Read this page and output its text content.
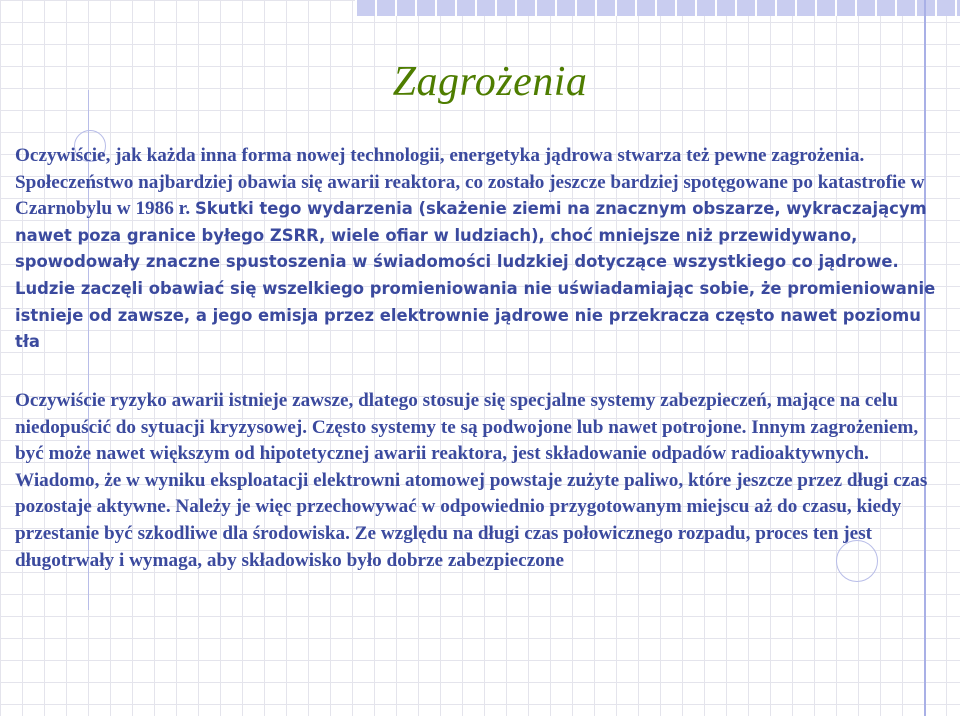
Zagrożenia

Oczywiście, jak każda inna forma nowej technologii, energetyka jądrowa stwarza też pewne zagrożenia. Społeczeństwo najbardziej obawia się awarii reaktora, co zostało jeszcze bardziej spotęgowane po katastrofie w Czarnobylu w 1986 r. Skutki tego wydarzenia (skażenie ziemi na znacznym obszarze, wykraczającym nawet poza granice byłego ZSRR, wiele ofiar w ludziach), choć mniejsze niż przewidywano, spowodowały znaczne spustoszenia w świadomości ludzkiej dotyczące wszystkiego co jądrowe. Ludzie zaczęli obawiać się wszelkiego promieniowania nie uświadamiając sobie, że promieniowanie istnieje od zawsze, a jego emisja przez elektrownie jądrowe nie przekracza często nawet poziomu tła

Oczywiście ryzyko awarii istnieje zawsze, dlatego stosuje się specjalne systemy zabezpieczeń, mające na celu niedopuścić do sytuacji kryzysowej. Często systemy te są podwojone lub nawet potrojone. Innym zagrożeniem, być może nawet większym od hipotetycznej awarii reaktora, jest składowanie odpadów radioaktywnych. Wiadomo, że w wyniku eksploatacji elektrowni atomowej powstaje zużyte paliwo, które jeszcze przez długi czas pozostaje aktywne. Należy je więc przechowywać w odpowiednio przygotowanym miejscu aż do czasu, kiedy przestanie być szkodliwe dla środowiska. Ze względu na długi czas połowicznego rozpadu, proces ten jest długotrwały i wymaga, aby składowisko było dobrze zabezpieczone
